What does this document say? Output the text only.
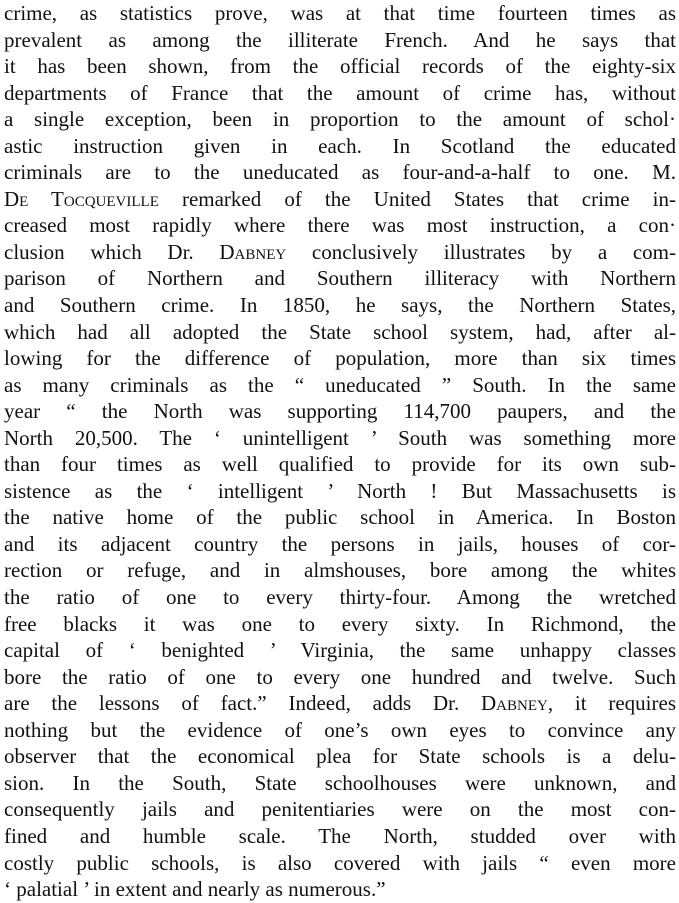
crime, as statistics prove, was at that time fourteen times as
prevalent as among the illiterate French. And he says that
it has been shown, from the official records of the eighty-six
departments of France that the amount of crime has, without
a single exception, been in proportion to the amount of schol·
astic instruction given in each. In Scotland the educated
criminals are to the uneducated as four-and-a-half to one. M.
De Tocqueville remarked of the United States that crime in-
creased most rapidly where there was most instruction, a con·
clusion which Dr. Dabney conclusively illustrates by a com-
parison of Northern and Southern illiteracy with Northern
and Southern crime. In 1850, he says, the Northern States,
which had all adopted the State school system, had, after al-
lowing for the difference of population, more than six times
as many criminals as the “ uneducated ” South. In the same
year “ the North was supporting 114,700 paupers, and the
North 20,500. The ‘ unintelligent ’ South was something more
than four times as well qualified to provide for its own sub-
sistence as the ‘ intelligent ’ North ! But Massachusetts is
the native home of the public school in America. In Boston
and its adjacent country the persons in jails, houses of cor-
rection or refuge, and in almshouses, bore among the whites
the ratio of one to every thirty-four. Among the wretched
free blacks it was one to every sixty. In Richmond, the
capital of ‘ benighted ’ Virginia, the same unhappy classes
bore the ratio of one to every one hundred and twelve. Such
are the lessons of fact.” Indeed, adds Dr. Dabney, it requires
nothing but the evidence of one’s own eyes to convince any
observer that the economical plea for State schools is a delu-
sion. In the South, State schoolhouses were unknown, and
consequently jails and penitentiaries were on the most con-
fined and humble scale. The North, studded over with
costly public schools, is also covered with jails “ even more
‘ palatial ’ in extent and nearly as numerous.”
